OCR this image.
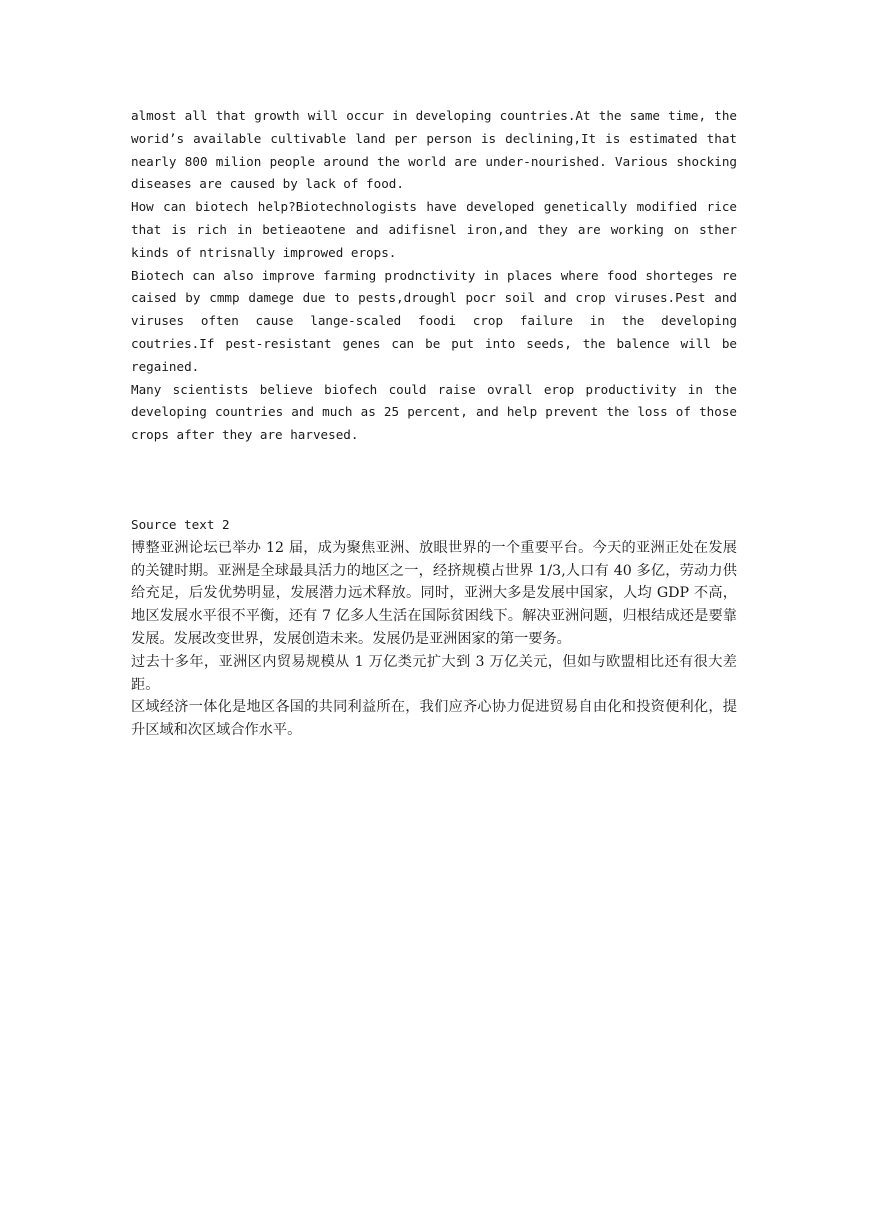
almost all that growth will occur in developing countries.At the same time, the worid’s available cultivable land per person is declining,It is estimated that nearly 800 milion people around the world are under-nourished. Various shocking diseases are caused by lack of food.

How can biotech help?Biotechnologists have developed genetically modified rice that is rich in betieaotene and adifisnel iron,and they are working on sther kinds of ntrisnally improwed erops.

Biotech can also improve farming prodnctivity in places where food shorteges re caised by cmmp damege due to pests,droughl pocr soil and crop viruses.Pest and viruses often cause lange-scaled foodi crop failure in the developing coutries.If pest-resistant genes can be put into seeds, the balence will be regained.

Many scientists believe biofech could raise ovrall erop productivity in the developing countries and much as 25 percent, and help prevent the loss of those crops after they are harvesed.

Source text 2

博整亚洲论坛已举办 12 届，成为聚焦亚洲、放眼世界的一个重要平台。今天的亚洲正处在发展的关键时期。亚洲是全球最具活力的地区之一，经挤规模占世界 1/3,人口有 40 多亿，劳动力供给充足，后发优势明显，发展潜力远术释放。同时，亚洲大多是发展中国家，人均 GDP 不高，地区发展水平很不平衡，还有 7 亿多人生活在国际贫困线下。解决亚洲问题，归根结成还是要靠发展。发展改变世界，发展创造未来。发展仍是亚洲困家的第一要务。

过去十多年，亚洲区内贸易规模从 1 万亿类元扩大到 3 万亿关元，但如与欧盟相比还有很大差距。

区域经济一体化是地区各国的共同利益所在，我们应齐心协力促进贸易自由化和投资便利化，提升区域和次区域合作水平。
